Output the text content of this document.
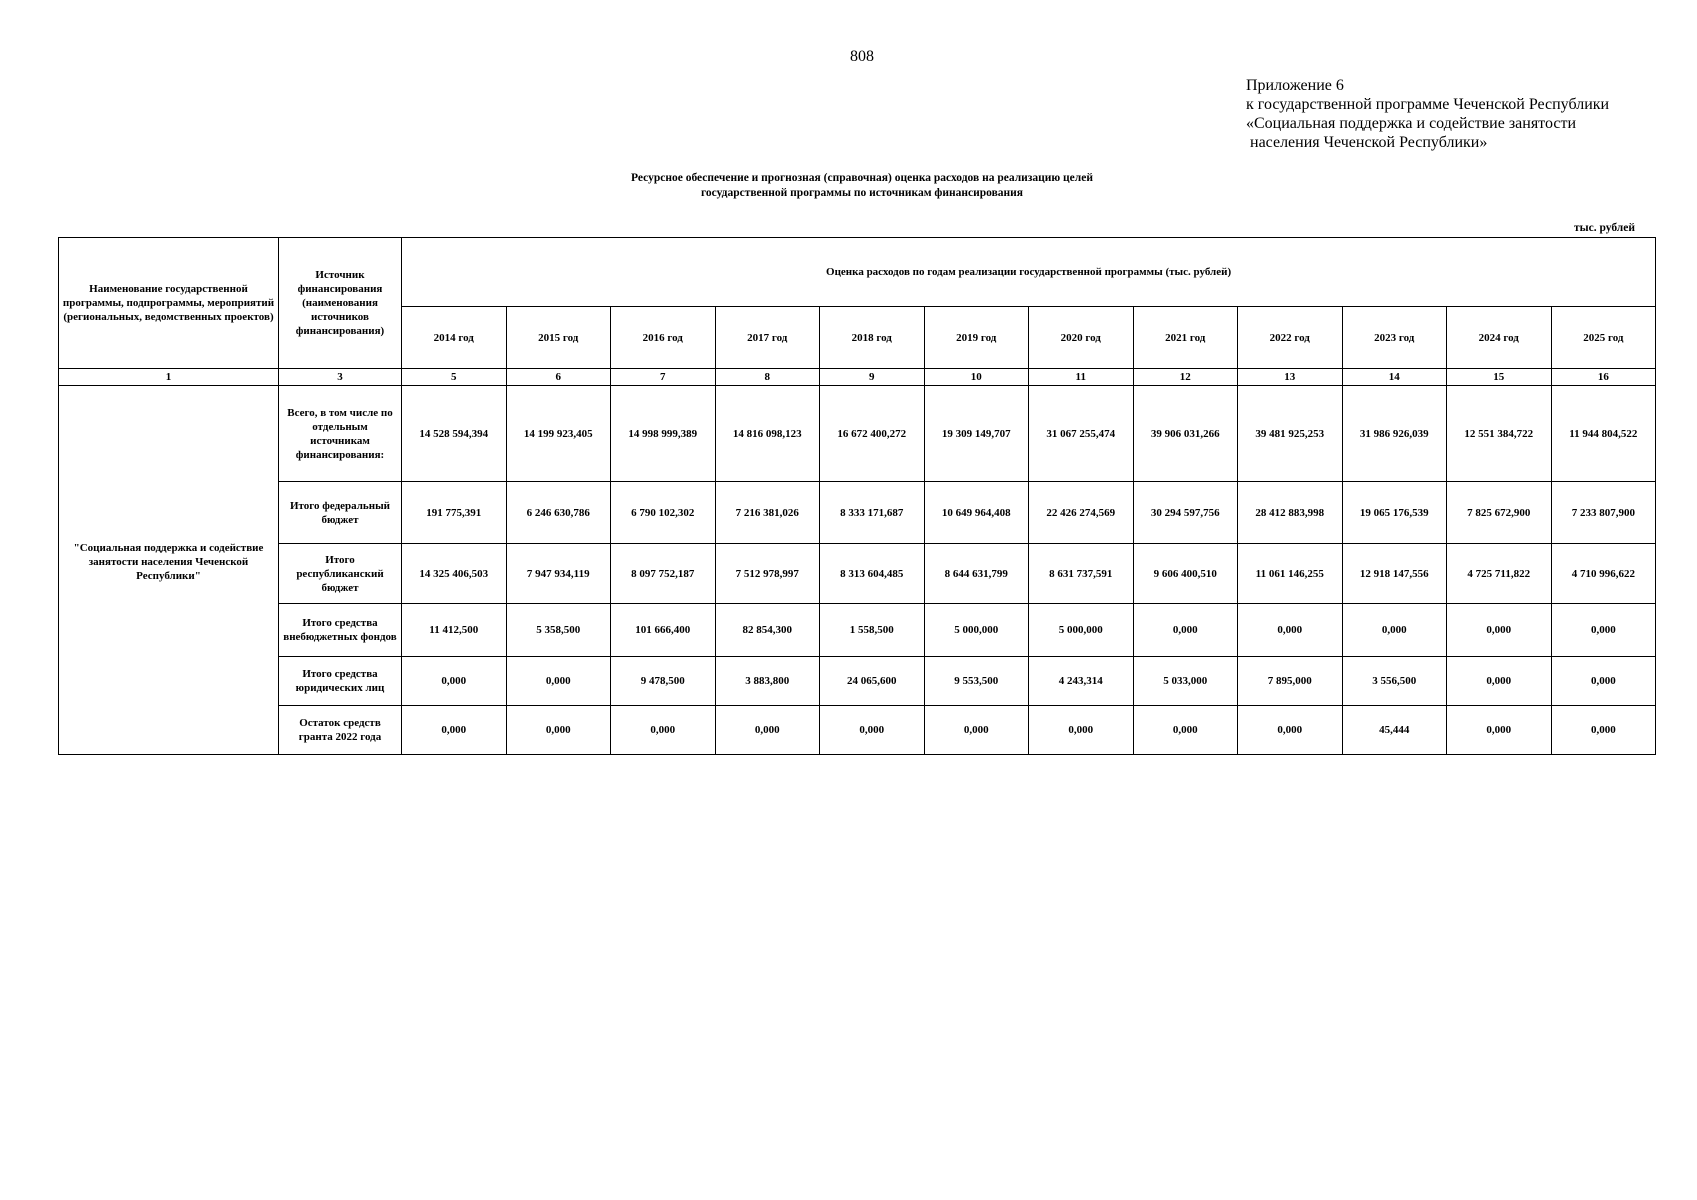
808
Приложение 6
к государственной программе Чеченской Республики
«Социальная поддержка и содействие занятости
населения Чеченской Республики»
Ресурсное обеспечение и прогнозная (справочная) оценка расходов на реализацию целей
государственной программы по источникам финансирования
тыс. рублей
Наименование государственной программы, подпрограммы, мероприятий (региональных, ведомственных проектов)	Источник финансирования (наименования источников финансирования)	Оценка расходов по годам реализации государственной программы (тыс. рублей)											
		2014 год	2015 год	2016 год	2017 год	2018 год	2019 год	2020 год	2021 год	2022 год	2023 год	2024 год	2025 год
1	3	5	6	7	8	9	10	11	12	13	14	15	16
"Социальная поддержка и содействие занятости населения Чеченской Республики"	Всего, в том числе по отдельным источникам финансирования:	14 528 594,394	14 199 923,405	14 998 999,389	14 816 098,123	16 672 400,272	19 309 149,707	31 067 255,474	39 906 031,266	39 481 925,253	31 986 926,039	12 551 384,722	11 944 804,522
	Итого федеральный бюджет	191 775,391	6 246 630,786	6 790 102,302	7 216 381,026	8 333 171,687	10 649 964,408	22 426 274,569	30 294 597,756	28 412 883,998	19 065 176,539	7 825 672,900	7 233 807,900
	Итого республиканский бюджет	14 325 406,503	7 947 934,119	8 097 752,187	7 512 978,997	8 313 604,485	8 644 631,799	8 631 737,591	9 606 400,510	11 061 146,255	12 918 147,556	4 725 711,822	4 710 996,622
	Итого средства внебюджетных фондов	11 412,500	5 358,500	101 666,400	82 854,300	1 558,500	5 000,000	5 000,000	0,000	0,000	0,000	0,000	0,000
	Итого средства юридических лиц	0,000	0,000	9 478,500	3 883,800	24 065,600	9 553,500	4 243,314	5 033,000	7 895,000	3 556,500	0,000	0,000
	Остаток средств гранта 2022 года	0,000	0,000	0,000	0,000	0,000	0,000	0,000	0,000	0,000	45,444	0,000	0,000
